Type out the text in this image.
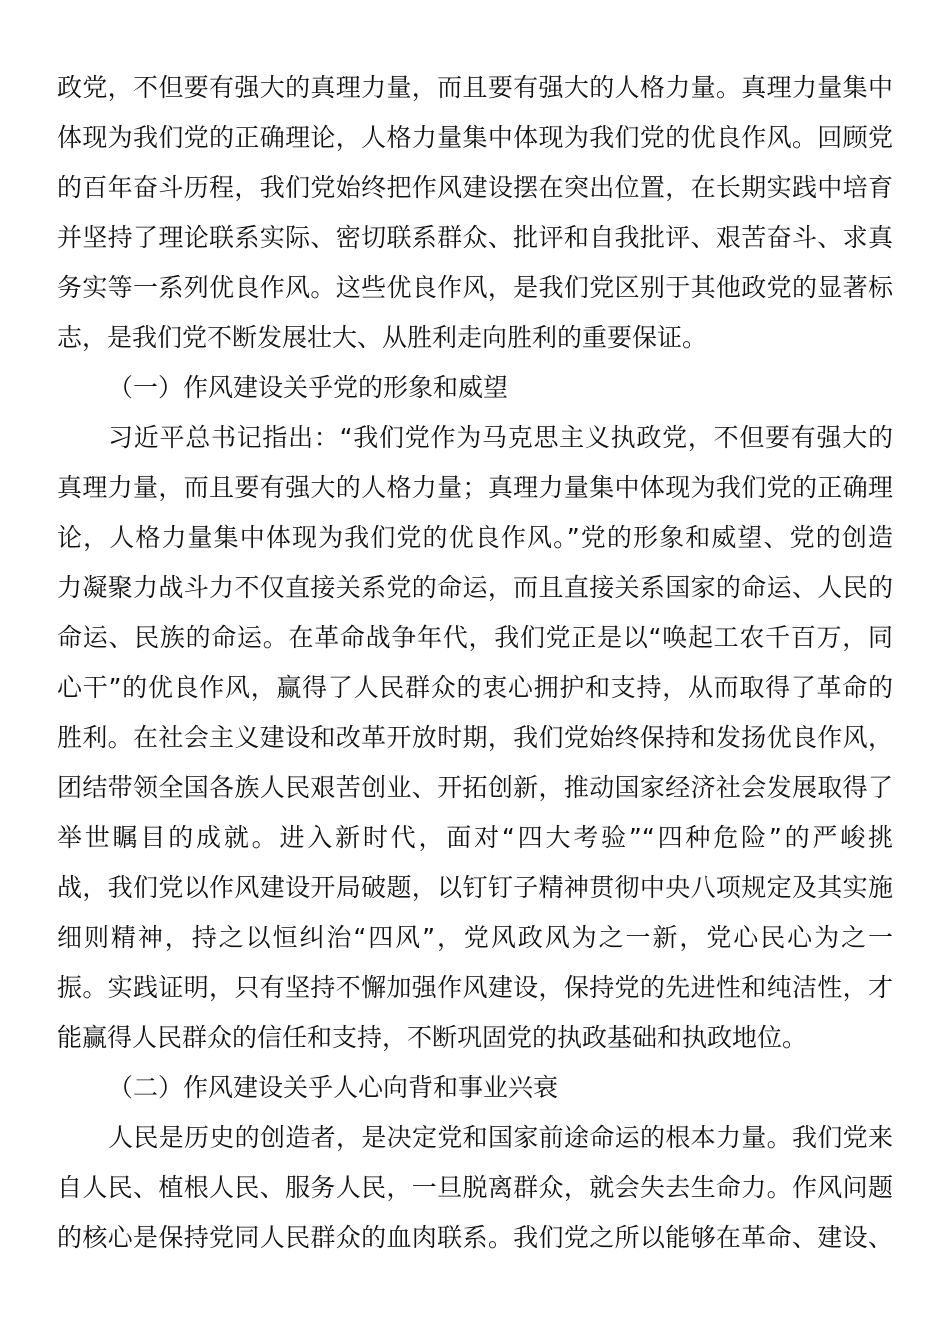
政党，不但要有强大的真理力量，而且要有强大的人格力量。真理力量集中
体现为我们党的正确理论，人格力量集中体现为我们党的优良作风。回顾党
的百年奋斗历程，我们党始终把作风建设摆在突出位置，在长期实践中培育
并坚持了理论联系实际、密切联系群众、批评和自我批评、艰苦奋斗、求真
务实等一系列优良作风。这些优良作风，是我们党区别于其他政党的显著标
志，是我们党不断发展壮大、从胜利走向胜利的重要保证。
（一）作风建设关乎党的形象和威望
习近平总书记指出：“我们党作为马克思主义执政党，不但要有强大的
真理力量，而且要有强大的人格力量；真理力量集中体现为我们党的正确理
论，人格力量集中体现为我们党的优良作风。”党的形象和威望、党的创造
力凝聚力战斗力不仅直接关系党的命运，而且直接关系国家的命运、人民的
命运、民族的命运。在革命战争年代，我们党正是以“唤起工农千百万，同
心干”的优良作风，赢得了人民群众的衷心拥护和支持，从而取得了革命的
胜利。在社会主义建设和改革开放时期，我们党始终保持和发扬优良作风，
团结带领全国各族人民艰苦创业、开拓创新，推动国家经济社会发展取得了
举世瞩目的成就。进入新时代，面对“四大考验”“四种危险”的严峻挑
战，我们党以作风建设开局破题，以钉钉子精神贯彻中央八项规定及其实施
细则精神，持之以恒纠治“四风”，党风政风为之一新，党心民心为之一
振。实践证明，只有坚持不懈加强作风建设，保持党的先进性和纯洁性，才
能赢得人民群众的信任和支持，不断巩固党的执政基础和执政地位。
（二）作风建设关乎人心向背和事业兴衰
人民是历史的创造者，是决定党和国家前途命运的根本力量。我们党来
自人民、植根人民、服务人民，一旦脱离群众，就会失去生命力。作风问题
的核心是保持党同人民群众的血肉联系。我们党之所以能够在革命、建设、
